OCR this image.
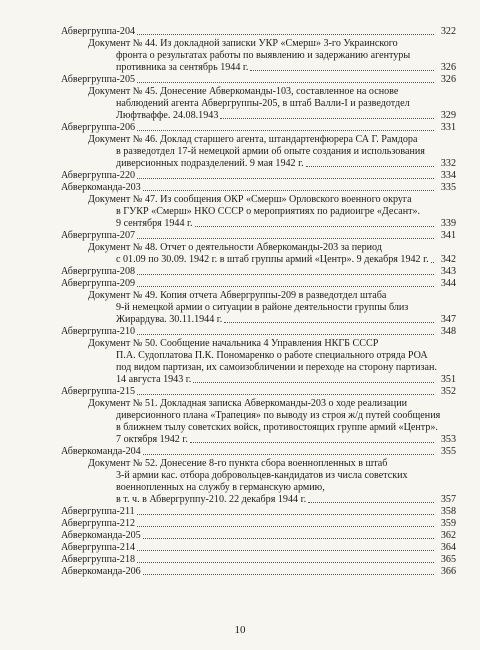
Абвергруппа-204	322
Документ № 44. Из докладной записки УКР «Смерш» 3-го Украинского
фронта о результатах работы по выявлению и задержанию агентуры
противника за сентябрь 1944 г.	326
Абвергруппа-205	326
Документ № 45. Донесение Абверкоманды-103, составленное на основе
наблюдений агента Абвергруппы-205, в штаб Валли-I и разведотдел
Люфтваффе. 24.08.1943	329
Абвергруппа-206	331
Документ № 46. Доклад старшего агента, штандартенфюрера СА Г. Рамдора
в разведотдел 17-й немецкой армии об опыте создания и использования
диверсионных подразделений. 9 мая 1942 г.	332
Абвергруппа-220	334
Абверкоманда-203	335
Документ № 47. Из сообщения ОКР «Смерш» Орловского военного округа
в ГУКР «Смерш» НКО СССР о мероприятиях по радиоигре «Десант».
9 сентября 1944 г.	339
Абвергруппа-207	341
Документ № 48. Отчет о деятельности Абверкоманды-203 за период
с 01.09 по 30.09. 1942 г. в штаб группы армий «Центр». 9 декабря 1942 г.	342
Абвергруппа-208	343
Абвергруппа-209	344
Документ № 49. Копия отчета Абвергруппы-209 в разведотдел штаба
9-й немецкой армии о ситуации в районе деятельности группы близ
Жирардува. 30.11.1944 г.	347
Абвергруппа-210	348
Документ № 50. Сообщение начальника 4 Управления НКГБ СССР
П.А. Судоплатова П.К. Пономаренко о работе специального отряда РОА
под видом партизан, их самоизобличении и переходе на сторону партизан.
14 августа 1943 г.	351
Абвергруппа-215	352
Документ № 51. Докладная записка Абверкоманды-203 о ходе реализации
диверсионного плана «Трапеция» по выводу из строя ж/д путей сообщения
в ближнем тылу советских войск, противостоящих группе армий «Центр».
7 октября 1942 г.	353
Абверкоманда-204	355
Документ № 52. Донесение 8-го пункта сбора военнопленных в штаб
3-й армии кас. отбора добровольцев-кандидатов из числа советских
военнопленных на службу в германскую армию,
в т. ч. в Абвергруппу-210. 22 декабря 1944 г.	357
Абвергруппа-211	358
Абвергруппа-212	359
Абверкоманда-205	362
Абвергруппа-214	364
Абвергруппа-218	365
Абверкоманда-206	366
10
